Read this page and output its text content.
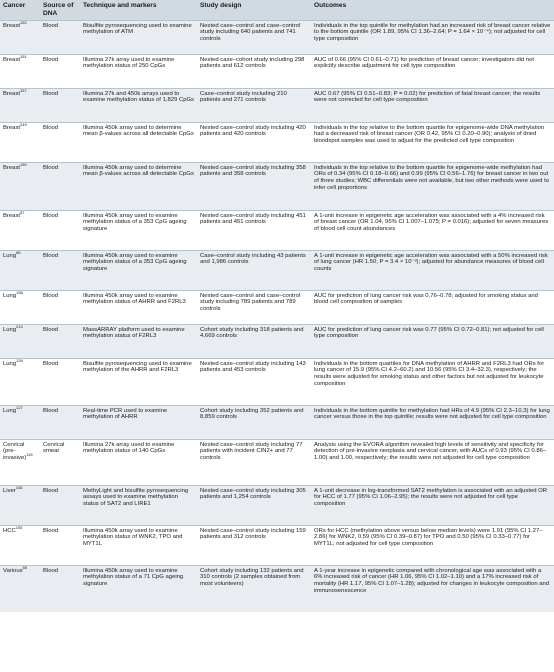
Cancer	Source of DNA	Technique and markers	Study design	Outcomes
Breast$^{152}$	Blood	Bisulfite pyrosequencing used to examine methylation of ATM	Nested case–control and case–control study including 640 patients and 741 controls	Individuals in the top quintile for methylation had an increased risk of breast cancer relative to the bottom quintile (OR 1.89, 95% CI 1.36–2.64; P = 1.64 × 10⁻⁴); not adjusted for cell type composition
Breast$^{151}$	Blood	Illumina 27k array used to examine methylation status of 250 CpGs	Nested case–cohort study including 298 patients and 612 controls	AUC of 0.66 (95% CI 0.61–0.71) for prediction of breast cancer; investigators did not explicitly describe adjustment for cell type composition
Breast$^{157}$	Blood	Illumina 27k and 450k arrays used to examine methylation status of 1,829 CpGs	Case–control study including 210 patients and 271 controls	AUC 0.67 (95% CI 0.51–0.83; P = 0.02) for prediction of fatal breast cancer; the results were not corrected for cell type composition
Breast$^{249}$	Blood	Illumina 450k array used to determine mean β-values across all detectable CpGs	Nested case–control study including 420 patients and 420 controls	Individuals in the top relative to the bottom quartile for epigenome-wide DNA methylation had a decreased risk of breast cancer (OR 0.42, 95% CI 0.20–0.90); analysis of dried bloodspot samples was used to adjust for the predicted cell type composition
Breast$^{150}$	Blood	Illumina 450k array used to determine mean β-values across all detectable CpGs	Nested case–control study including 358 patients and 358 controls	Individuals in the top relative to the bottom quartile for epigenome-wide methylation had ORs of 0.34 (95% CI 0.18–0.66) and 0.99 (95% CI 0.56–1.76) for breast cancer in two out of three studies; WBC differentials were not available, but two other methods were used to infer cell proportions
Breast$^{87}$	Blood	Illumina 450k array used to examine methylation status of a 353 CpG ageing signature	Nested case–control study including 451 patients and 451 controls	A 1-unit increase in epigenetic age acceleration was associated with a 4% increased risk of breast cancer (OR 1.04, 95% CI 1.007–1.075; P = 0.016); adjusted for seven measures of blood cell count abundances
Lung$^{86}$	Blood	Illumina 450k array used to examine methylation status of a 353 CpG ageing signature	Case–control study including 43 patients and 1,986 controls	A 1-unit increase in epigenetic age acceleration was associated with a 50% increased risk of lung cancer (HR 1.50; P = 3.4 × 10⁻³); adjusted for abundance measures of blood cell counts
Lung$^{158}$	Blood	Illumina 450k array used to examine methylation status of AHRR and F2RL3	Nested case–control and case–control study including 789 patients and 789 controls	AUC for prediction of lung cancer risk was 0.76–0.78; adjusted for smoking status and blood cell composition of samples
Lung$^{214}$	Blood	MassARRAY platform used to examine methylation status of F2RL3	Cohort study including 318 patients and 4,669 controls	AUC for prediction of lung cancer risk was 0.77 (95% CI 0.72–0.81); not adjusted for cell type composition
Lung$^{126}$	Blood	Bisulfite pyrosequencing used to examine methylation of the AHRR and F2RL3	Nested case–control study including 143 patients and 453 controls	Individuals in the bottom quartiles for DNA methylation of AHRR and F2RL3 had ORs for lung cancer of 15.9 (95% CI 4.2–60.2) and 10.56 (95% CI 3.4–32.3), respectively; the results were adjusted for smoking status and other factors but not adjusted for leukocyte composition
Lung$^{127}$	Blood	Real-time PCR used to examine methylation of AHRR	Cohort study including 352 patients and 8,859 controls	Individuals in the bottom quintile for methylation had HRs of 4.9 (95% CI 2.3–10.3) for lung cancer versus those in the top quintile; results were not adjusted for cell type composition
Cervical (pre-invasive)$^{118}$	Cervical smear	Illumina 27k array used to examine methylation status of 140 CpGs	Nested case–control study including 77 patients with incident CIN2+ and 77 controls	Analysis using the EVORA algorithm revealed high levels of sensitivity and specificity for detection of pre-invasive neoplasia and cervical cancer, with AUCs of 0.93 (95% CI 0.86–1.00) and 1.00, respectively; the results were not adjusted for cell type composition
Liver$^{156}$	Blood	MethyLight and bisulfite pyrosequencing assays used to examine methylation status of SAT2 and LIRE1	Nested case–control study including 305 patients and 1,254 controls	A 1-unit decrease in log-transformed SAT2 methylation is associated with an adjusted OR for HCC of 1.77 (95% CI 1.06–2.95); the results were not adjusted for cell type composition
HCC$^{155}$	Blood	Illumina 450k array used to examine methylation status of WNK2, TPO and MYT1L	Nested case–control study including 159 patients and 312 controls	ORs for HCC (methylation above versus below median levels) were 1.91 (95% CI 1.27–2.86) for WNK2, 0.59 (95% CI 0.39–0.87) for TPO and 0.50 (95% CI 0.33–0.77) for MYT1L; not adjusted for cell type composition
Various$^{85}$	Blood	Illumina 450k array used to examine methylation status of a 71 CpG ageing signature	Cohort study including 132 patients and 310 controls (2 samples obtained from most volunteers)	A 1-year increase in epigenetic compared with chronological age was associated with a 6% increased risk of cancer (HR 1.06, 95% CI 1.02–1.10) and a 17% increased risk of mortality (HR 1.17, 95% CI 1.07–1.28); adjusted for changes in leukocyte composition and immunosenescence
